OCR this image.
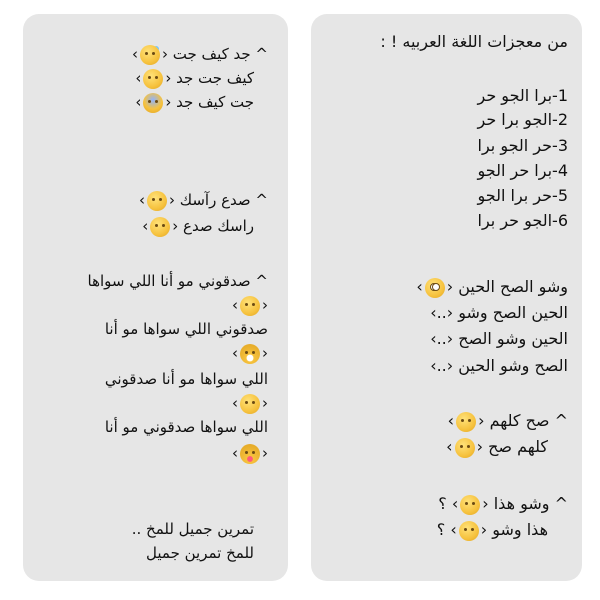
^ جد كيف جت ‹›
كيف جت جد ‹›
جت كيف جد ‹›
^ صدع رآسك ‹›
راسك صدع ‹›
^ صدقوني مو أنا اللي سواها
‹›
صدقوني اللي سواها مو أنا
‹›
اللي سواها مو أنا صدقوني
‹›
اللي سواها صدقوني مو أنا
‹›
تمرين جميل للمخ ..
للمخ تمرين جميل
من معجزات اللغة العربيه ! :
1-برا الجو حر
2-الجو برا حر
3-حر الجو برا
4-برا حر الجو
5-حر برا الجو
6-الجو حر برا
وشو الصح الحين ‹›
الحين الصح وشو ‹..›
الحين وشو الصح ‹..›
الصح وشو الحين ‹..›
^ صح كلهم ‹›
كلهم صح ‹›
^ وشو هذا ‹› ؟
هذا وشو ‹› ؟
